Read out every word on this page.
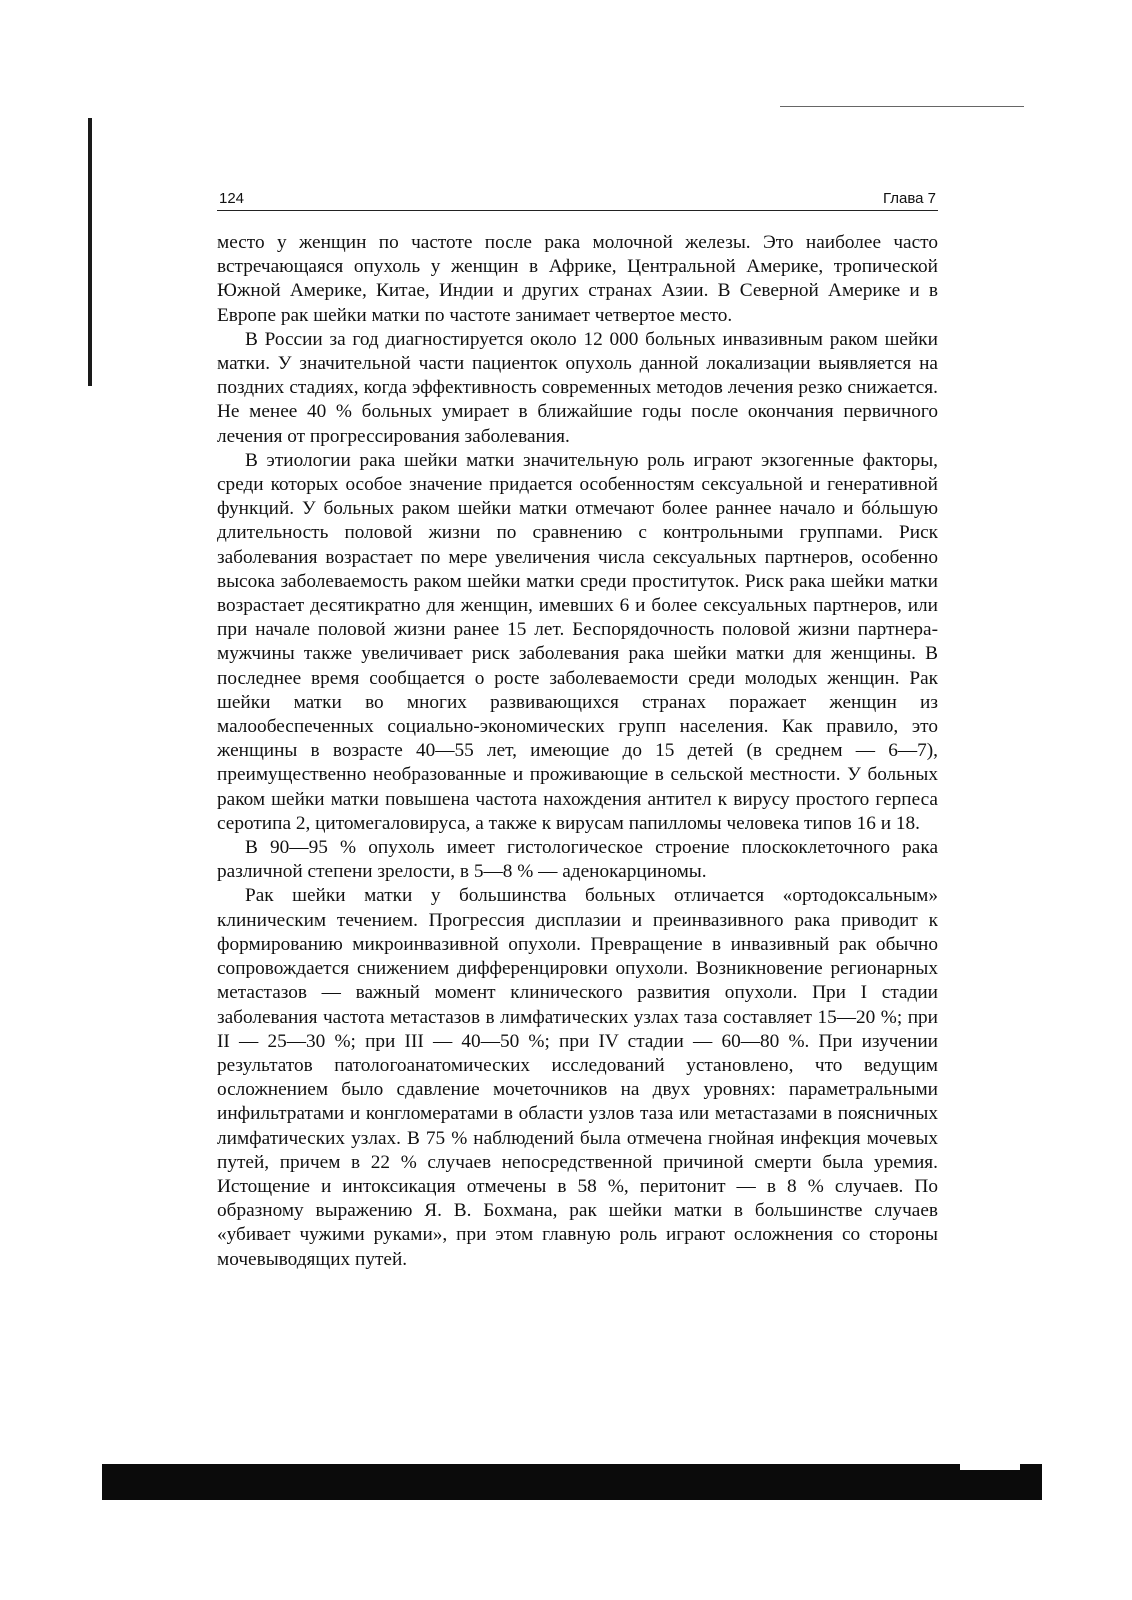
124	Глава 7

место у женщин по частоте после рака молочной железы. Это наиболее часто встречающаяся опухоль у женщин в Африке, Центральной Америке, тропической Южной Америке, Китае, Индии и других странах Азии. В Северной Америке и в Европе рак шейки матки по частоте занимает четвертое место.

В России за год диагностируется около 12 000 больных инвазивным раком шейки матки. У значительной части пациенток опухоль данной локализации выявляется на поздних стадиях, когда эффективность современных методов лечения резко снижается. Не менее 40 % больных умирает в ближайшие годы после окончания первичного лечения от прогрессирования заболевания.

В этиологии рака шейки матки значительную роль играют экзогенные факторы, среди которых особое значение придается особенностям сексуальной и генеративной функций. У больных раком шейки матки отмечают более раннее начало и бóльшую длительность половой жизни по сравнению с контрольными группами. Риск заболевания возрастает по мере увеличения числа сексуальных партнеров, особенно высока заболеваемость раком шейки матки среди проституток. Риск рака шейки матки возрастает десятикратно для женщин, имевших 6 и более сексуальных партнеров, или при начале половой жизни ранее 15 лет. Беспорядочность половой жизни партнера-мужчины также увеличивает риск заболевания рака шейки матки для женщины. В последнее время сообщается о росте заболеваемости среди молодых женщин. Рак шейки матки во многих развивающихся странах поражает женщин из малообеспеченных социально-экономических групп населения. Как правило, это женщины в возрасте 40—55 лет, имеющие до 15 детей (в среднем — 6—7), преимущественно необразованные и проживающие в сельской местности. У больных раком шейки матки повышена частота нахождения антител к вирусу простого герпеса серотипа 2, цитомегаловируса, а также к вирусам папилломы человека типов 16 и 18.

В 90—95 % опухоль имеет гистологическое строение плоскоклеточного рака различной степени зрелости, в 5—8 % — аденокарциномы.

Рак шейки матки у большинства больных отличается «ортодоксальным» клиническим течением. Прогрессия дисплазии и преинвазивного рака приводит к формированию микроинвазивной опухоли. Превращение в инвазивный рак обычно сопровождается снижением дифференцировки опухоли. Возникновение регионарных метастазов — важный момент клинического развития опухоли. При I стадии заболевания частота метастазов в лимфатических узлах таза составляет 15—20 %; при II — 25—30 %; при III — 40—50 %; при IV стадии — 60—80 %. При изучении результатов патологоанатомических исследований установлено, что ведущим осложнением было сдавление мочеточников на двух уровнях: параметральными инфильтратами и конгломератами в области узлов таза или метастазами в поясничных лимфатических узлах. В 75 % наблюдений была отмечена гнойная инфекция мочевых путей, причем в 22 % случаев непосредственной причиной смерти была уремия. Истощение и интоксикация отмечены в 58 %, перитонит — в 8 % случаев. По образному выражению Я. В. Бохмана, рак шейки матки в большинстве случаев «убивает чужими руками», при этом главную роль играют осложнения со стороны мочевыводящих путей.
